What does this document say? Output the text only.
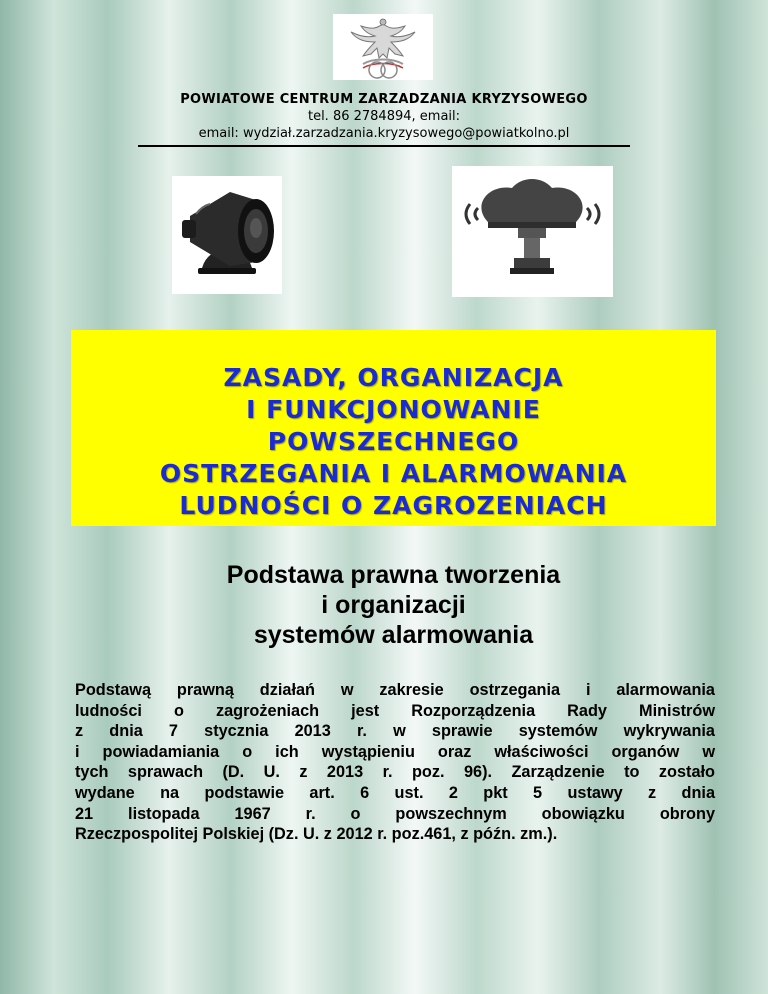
POWIATOWE CENTRUM ZARZADZANIA KRYZYSOWEGO
tel. 86 2784894, email:
email: wydział.zarzadzania.kryzysowego@powiatkolno.pl
ZASADY, ORGANIZACJA
I FUNKCJONOWANIE
POWSZECHNEGO
OSTRZEGANIA I ALARMOWANIA
LUDNOŚCI O ZAGROZENIACH
Podstawa prawna tworzenia
i organizacji
systemów alarmowania
Podstawą prawną działań w zakresie ostrzegania i alarmowania
ludności o zagrożeniach jest Rozporządzenia Rady Ministrów
z dnia 7 stycznia 2013 r. w sprawie systemów wykrywania
i powiadamiania o ich wystąpieniu oraz właściwości organów w
tych sprawach (D. U. z 2013 r. poz. 96). Zarządzenie to zostało
wydane na podstawie art. 6 ust. 2 pkt 5 ustawy z dnia
21 listopada 1967 r. o powszechnym obowiązku obrony
Rzeczpospolitej Polskiej (Dz. U. z 2012 r. poz.461, z późn. zm.).
